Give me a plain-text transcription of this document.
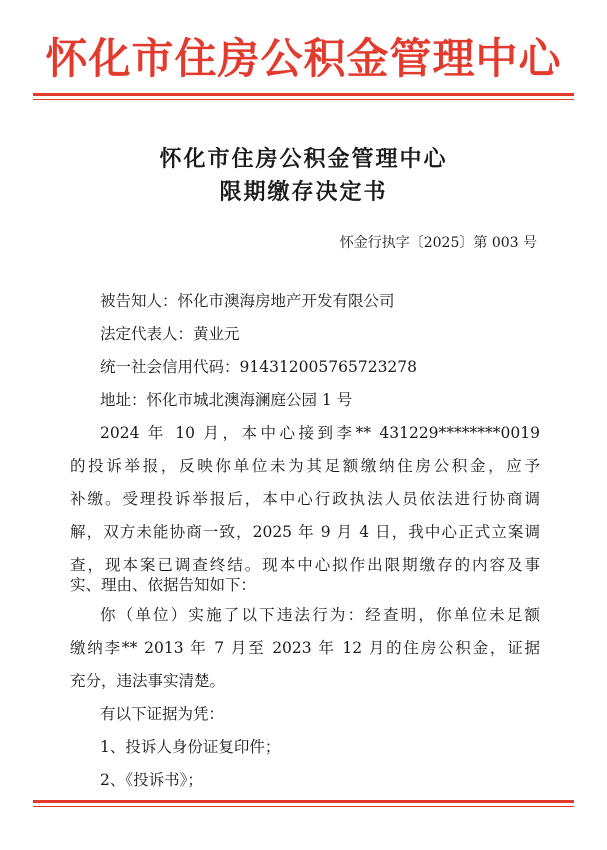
怀化市住房公积金管理中心
怀化市住房公积金管理中心
限期缴存决定书
怀金行执字〔2025〕第 003 号
被告知人：怀化市澳海房地产开发有限公司
法定代表人：黄业元
统一社会信用代码：914312005765723278
地址：怀化市城北澳海澜庭公园 1 号
2024 年 10 月，本中心接到李** 431229********0019
的投诉举报，反映你单位未为其足额缴纳住房公积金，应予
补缴。受理投诉举报后，本中心行政执法人员依法进行协商调
解，双方未能协商一致，2025 年 9 月 4 日，我中心正式立案调
查，现本案已调查终结。现本中心拟作出限期缴存的内容及事
实、理由、依据告知如下：
你（单位）实施了以下违法行为：经查明，你单位未足额
缴纳李** 2013 年 7 月至 2023 年 12 月的住房公积金，证据
充分，违法事实清楚。
有以下证据为凭：
1、投诉人身份证复印件；
2、《投诉书》；
